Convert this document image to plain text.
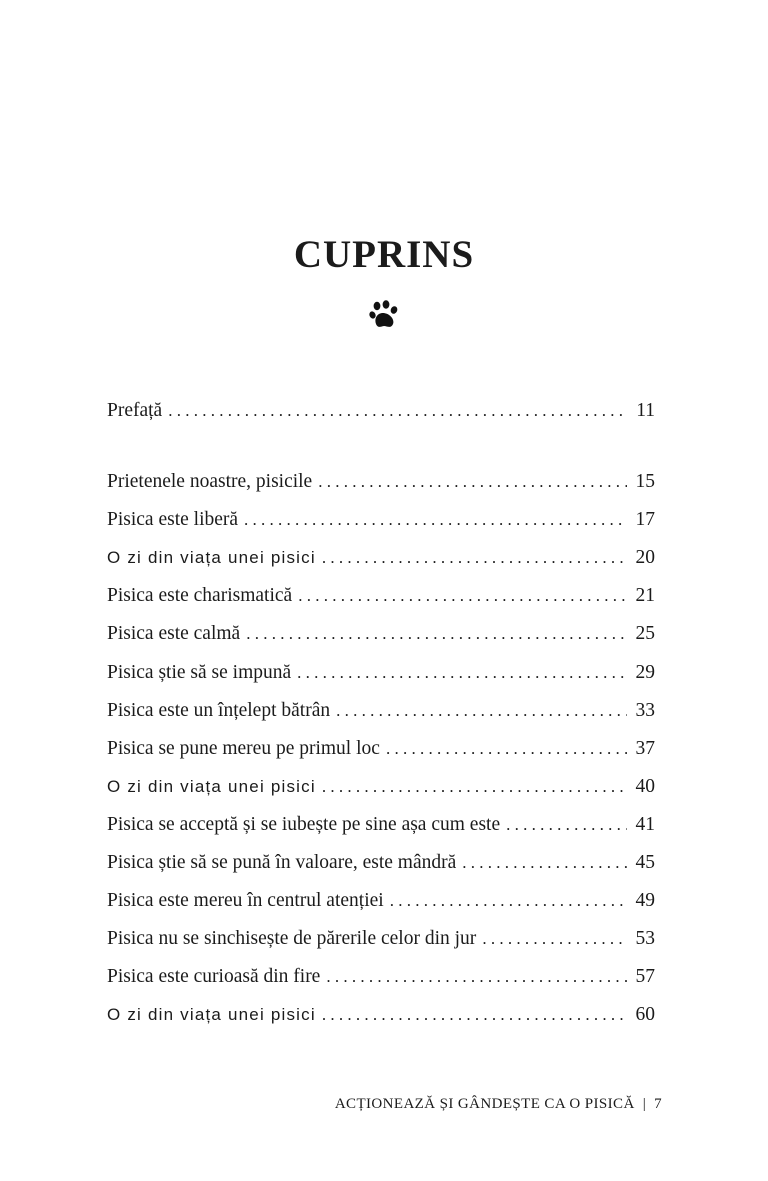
CUPRINS
Prefață . . .	11
Prietenele noastre, pisicile . . .	15
Pisica este liberă . . .	17
O zi din viața unei pisici . . .	20
Pisica este charismatică . . .	21
Pisica este calmă . . .	25
Pisica știe să se impună . . .	29
Pisica este un înțelept bătrân . . .	33
Pisica se pune mereu pe primul loc . . .	37
O zi din viața unei pisici . . .	40
Pisica se acceptă și se iubește pe sine așa cum este . . .	41
Pisica știe să se pună în valoare, este mândră . . .	45
Pisica este mereu în centrul atenției . . .	49
Pisica nu se sinchisește de părerile celor din jur . . .	53
Pisica este curioasă din fire . . .	57
O zi din viața unei pisici . . .	60
ACȚIONEAZĂ ȘI GÂNDEȘTE CA O PISICĂ | 7
